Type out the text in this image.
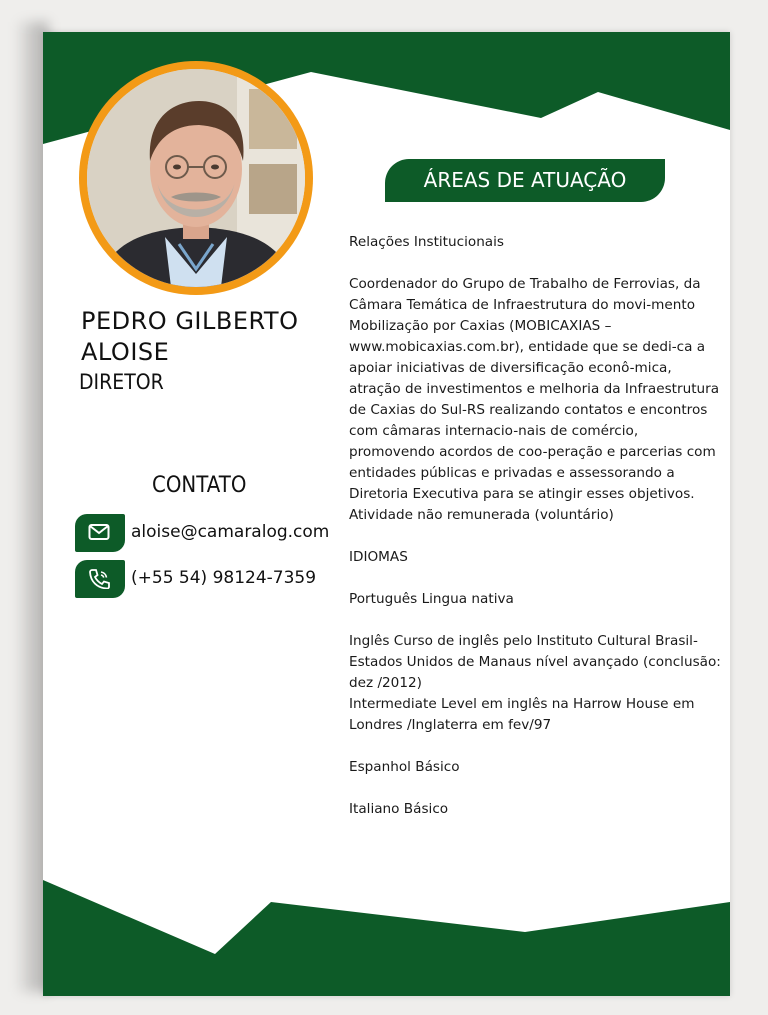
PEDRO GILBERTO
ALOISE
DIRETOR
CONTATO
aloise@camaralog.com
(+55 54) 98124-7359
ÁREAS DE ATUAÇÃO

Relações Institucionais

Coordenador do Grupo de Trabalho de Ferrovias, da Câmara Temática de Infraestrutura do movi-mento Mobilização por Caxias (MOBICAXIAS – www.mobicaxias.com.br), entidade que se dedi-ca a apoiar iniciativas de diversificação econô-mica, atração de investimentos e melhoria da Infraestrutura de Caxias do Sul-RS realizando contatos e encontros com câmaras internacio-nais de comércio, promovendo acordos de coo-peração e parcerias com entidades públicas e privadas e assessorando a Diretoria Executiva para se atingir esses objetivos.

Atividade não remunerada (voluntário)

IDIOMAS

Português Lingua nativa

Inglês Curso de inglês pelo Instituto Cultural Brasil-Estados Unidos de Manaus nível avançado (conclusão: dez /2012)

Intermediate Level em inglês na Harrow House em Londres /Inglaterra em fev/97

Espanhol Básico

Italiano Básico
